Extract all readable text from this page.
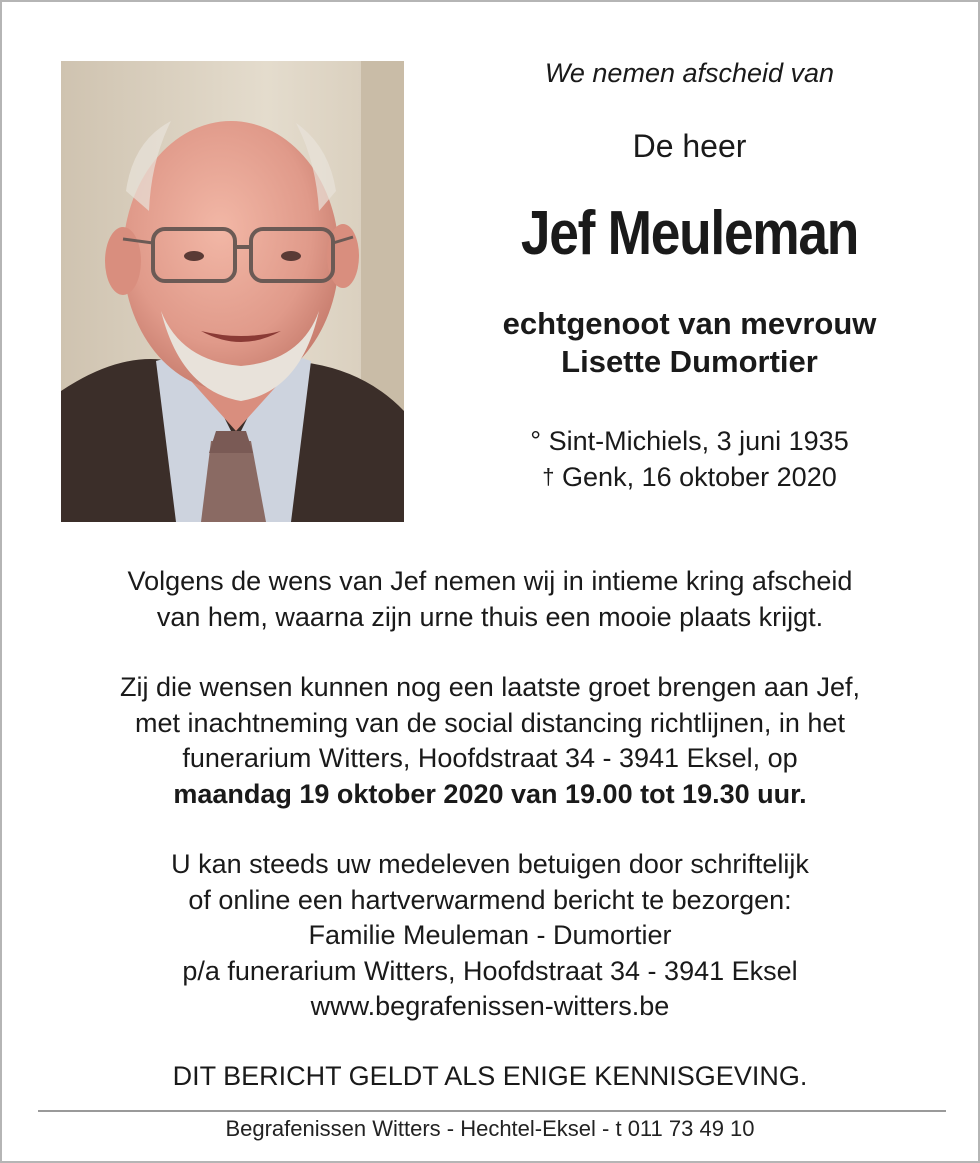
We nemen afscheid van
De heer
Jef Meuleman
echtgenoot van mevrouw
Lisette Dumortier
° Sint-Michiels, 3 juni 1935
† Genk, 16 oktober 2020
Volgens de wens van Jef nemen wij in intieme kring afscheid
van hem, waarna zijn urne thuis een mooie plaats krijgt.
Zij die wensen kunnen nog een laatste groet brengen aan Jef,
met inachtneming van de social distancing richtlijnen, in het
funerarium Witters, Hoofdstraat 34 - 3941 Eksel, op
maandag 19 oktober 2020 van 19.00 tot 19.30 uur.
U kan steeds uw medeleven betuigen door schriftelijk
of online een hartverwarmend bericht te bezorgen:
Familie Meuleman - Dumortier
p/a funerarium Witters, Hoofdstraat 34 - 3941 Eksel
www.begrafenissen-witters.be
DIT BERICHT GELDT ALS ENIGE KENNISGEVING.
Begrafenissen Witters - Hechtel-Eksel - t 011 73 49 10
